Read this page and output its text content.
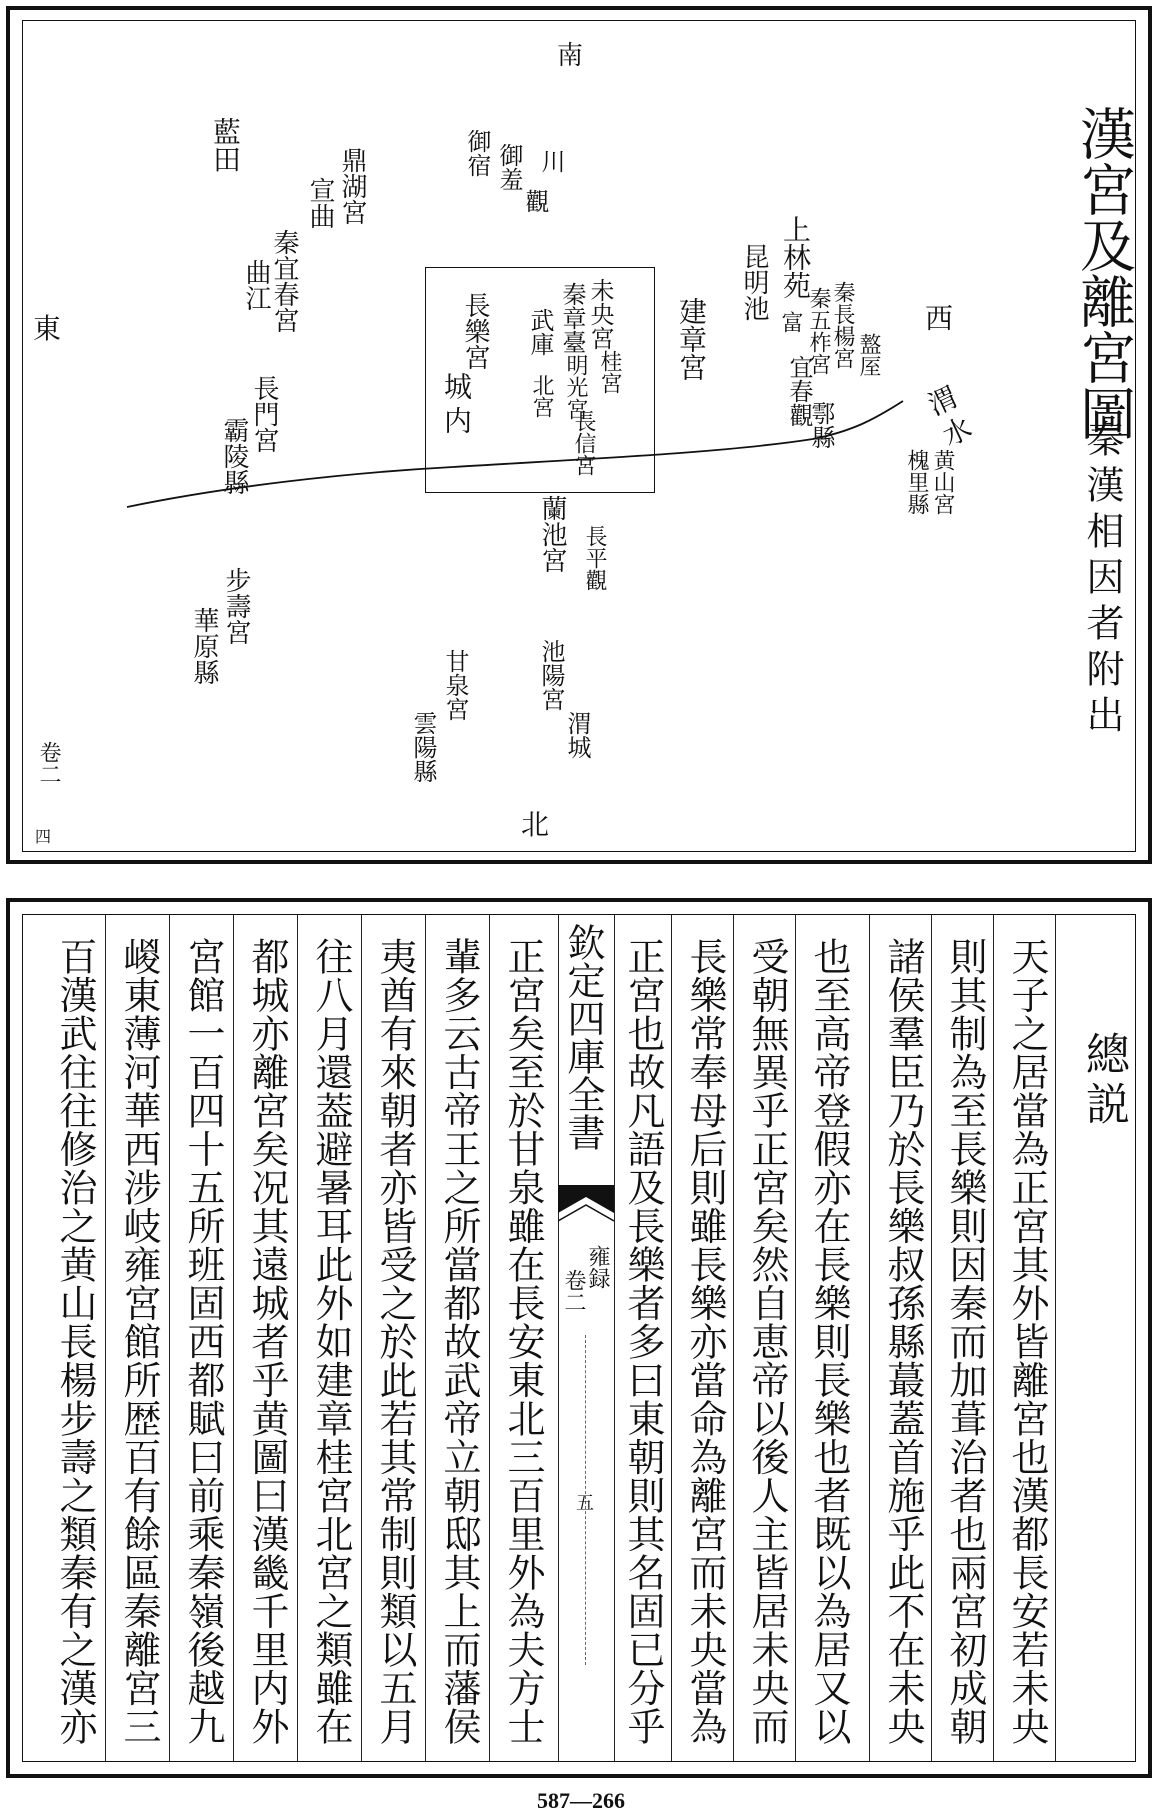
漢宮及離宮圖
秦漢相因者附出
南
東	西
北
卷二
四
渭水
藍田
鼎湖宮
宣曲
御宿 川
御羞
觀
秦宜春宮
曲江
長門宮
霸陵縣
未央宮
秦章臺
武庫
長樂宮
城内	桂宮
明光宮
北宮
長信宮
上林苑
昆明池
建章宮	秦長楊宮 盩厔
秦五柞宮
富
宜春觀
鄠縣
黄山宮
槐里縣
蘭池宮 長平觀
步壽宮
華原縣	池陽宮
渭城
甘泉宮
雲陽縣
總説
天子之居當為正宮其外皆離宮也漢都長安若未央
則其制為至長樂則因秦而加葺治者也兩宮初成朝
諸侯羣臣乃於長樂叔孫縣蕞蓋首施乎此不在未央
也至高帝登假亦在長樂則長樂也者既以為居又以
受朝無異乎正宮矣然自恵帝以後人主皆居未央而
長樂常奉母后則雖長樂亦當命為離宮而未央當為
正宮也故凡語及長樂者多曰東朝則其名固已分乎
欽定四庫全書
雍録
卷二
五
正宮矣至於甘泉雖在長安東北三百里外為夫方士
輩多云古帝王之所當都故武帝立朝邸其上而藩侯
夷酋有來朝者亦皆受之於此若其常制則類以五月
往八月還葢避暑耳此外如建章桂宮北宮之類雖在
都城亦離宮矣况其遠城者乎黄圖曰漢畿千里内外
宮館一百四十五所班固西都賦曰前乘秦嶺後越九
嵕東薄河華西涉岐雍宮館所歴百有餘區秦離宮三
百漢武往往修治之黄山長楊步壽之類秦有之漢亦
587—266
